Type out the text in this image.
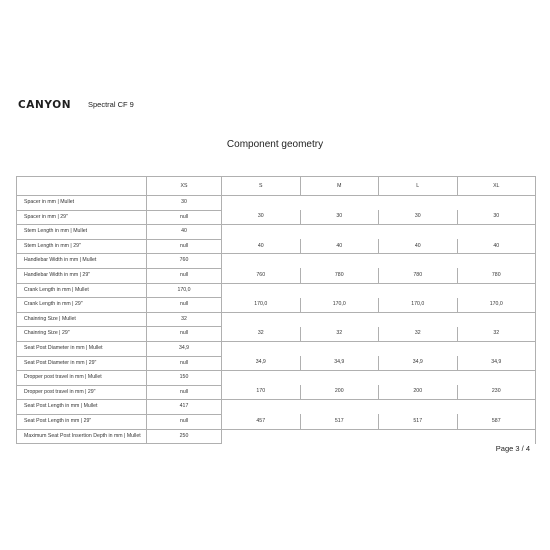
CANYON Spectral CF 9
Component geometry
	XS	S	M	L	XL
Spacer in mm | Mullet	30				
Spacer in mm | 29"	null	30	30	30	30
Stem Length in mm | Mullet	40				
Stem Length in mm | 29"	null	40	40	40	40
Handlebar Width in mm | Mullet	760				
Handlebar Width in mm | 29"	null	760	780	780	780
Crank Length in mm | Mullet	170,0				
Crank Length in mm | 29"	null	170,0	170,0	170,0	170,0
Chainring Size | Mullet	32				
Chainring Size | 29"	null	32	32	32	32
Seat Post Diameter in mm | Mullet	34,9				
Seat Post Diameter in mm | 29"	null	34,9	34,9	34,9	34,9
Dropper post travel in mm | Mullet	150				
Dropper post travel in mm | 29"	null	170	200	200	230
Seat Post Length in mm | Mullet	417				
Seat Post Length in mm | 29"	null	457	517	517	587
Maximum Seat Post Insertion Depth in mm | Mullet	250				
Page 3 / 4
